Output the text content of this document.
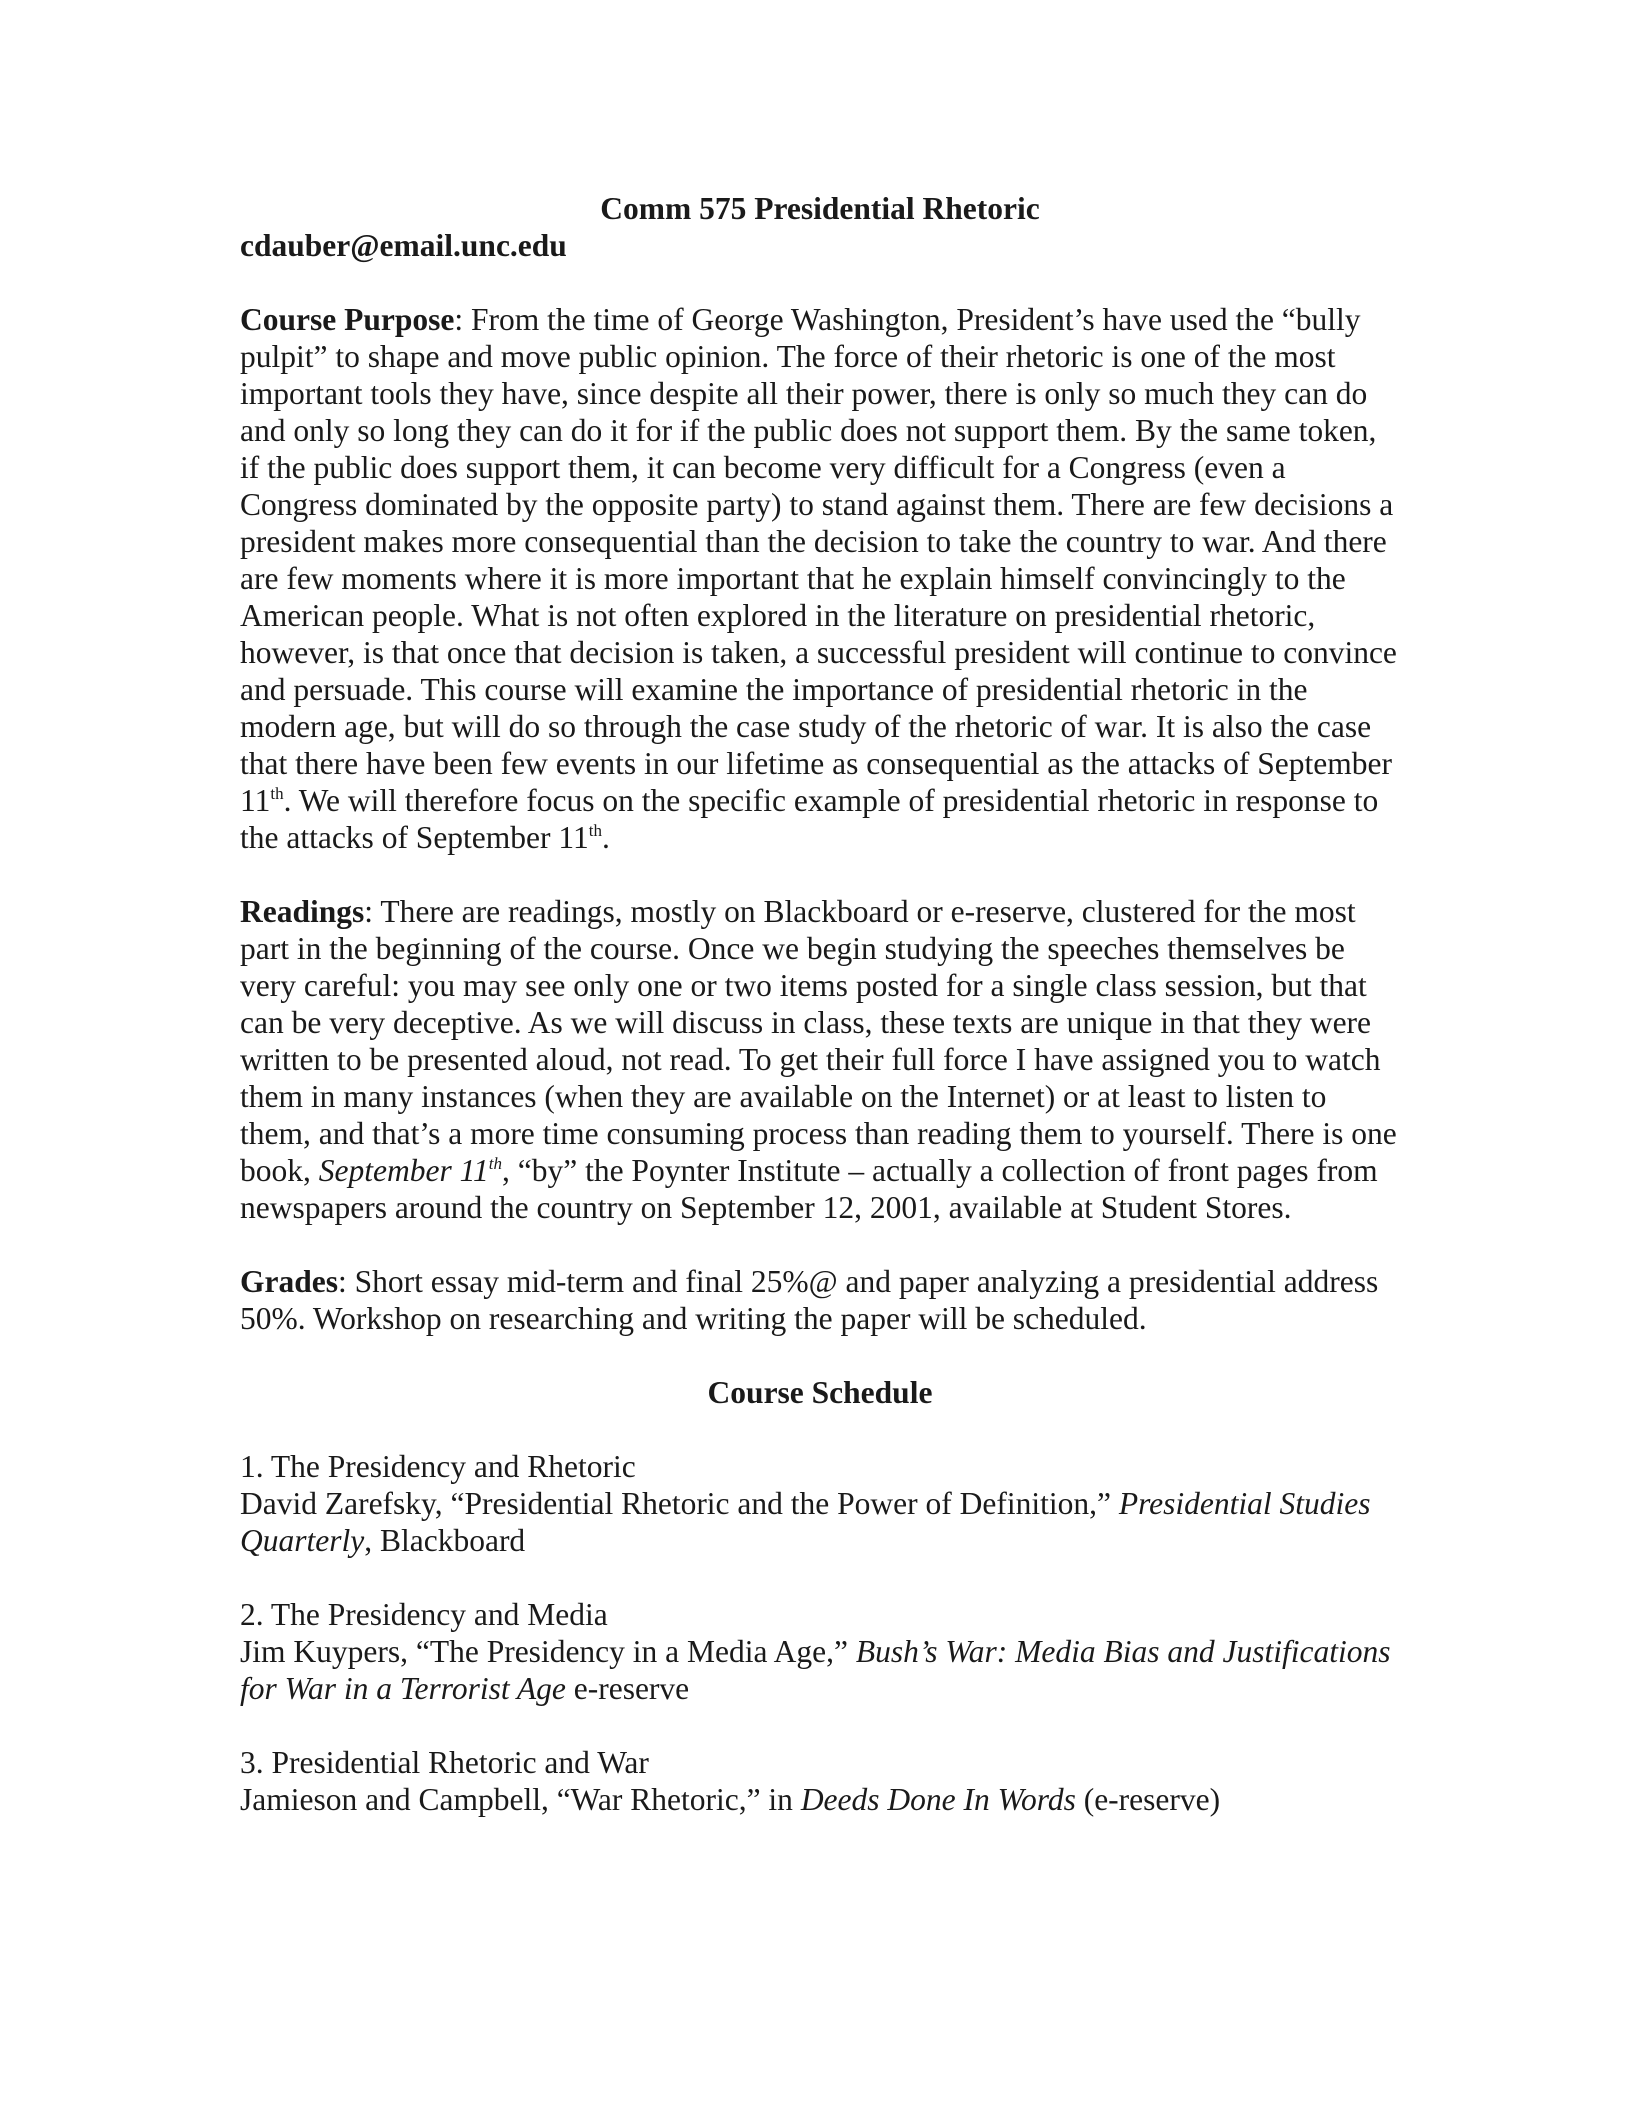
Comm 575 Presidential Rhetoric
cdauber@email.unc.edu

Course Purpose: From the time of George Washington, President’s have used the “bully pulpit” to shape and move public opinion. The force of their rhetoric is one of the most important tools they have, since despite all their power, there is only so much they can do and only so long they can do it for if the public does not support them. By the same token, if the public does support them, it can become very difficult for a Congress (even a Congress dominated by the opposite party) to stand against them. There are few decisions a president makes more consequential than the decision to take the country to war. And there are few moments where it is more important that he explain himself convincingly to the American people. What is not often explored in the literature on presidential rhetoric, however, is that once that decision is taken, a successful president will continue to convince and persuade. This course will examine the importance of presidential rhetoric in the modern age, but will do so through the case study of the rhetoric of war. It is also the case that there have been few events in our lifetime as consequential as the attacks of September 11th. We will therefore focus on the specific example of presidential rhetoric in response to the attacks of September 11th.

Readings: There are readings, mostly on Blackboard or e-reserve, clustered for the most part in the beginning of the course. Once we begin studying the speeches themselves be very careful: you may see only one or two items posted for a single class session, but that can be very deceptive. As we will discuss in class, these texts are unique in that they were written to be presented aloud, not read. To get their full force I have assigned you to watch them in many instances (when they are available on the Internet) or at least to listen to them, and that’s a more time consuming process than reading them to yourself. There is one book, September 11th, “by” the Poynter Institute – actually a collection of front pages from newspapers around the country on September 12, 2001, available at Student Stores.

Grades: Short essay mid-term and final 25%@ and paper analyzing a presidential address 50%. Workshop on researching and writing the paper will be scheduled.

Course Schedule
1. The Presidency and Rhetoric
David Zarefsky, “Presidential Rhetoric and the Power of Definition,” Presidential Studies Quarterly, Blackboard
2. The Presidency and Media
Jim Kuypers, “The Presidency in a Media Age,” Bush’s War: Media Bias and Justifications for War in a Terrorist Age e-reserve
3. Presidential Rhetoric and War
Jamieson and Campbell, “War Rhetoric,” in Deeds Done In Words (e-reserve)
